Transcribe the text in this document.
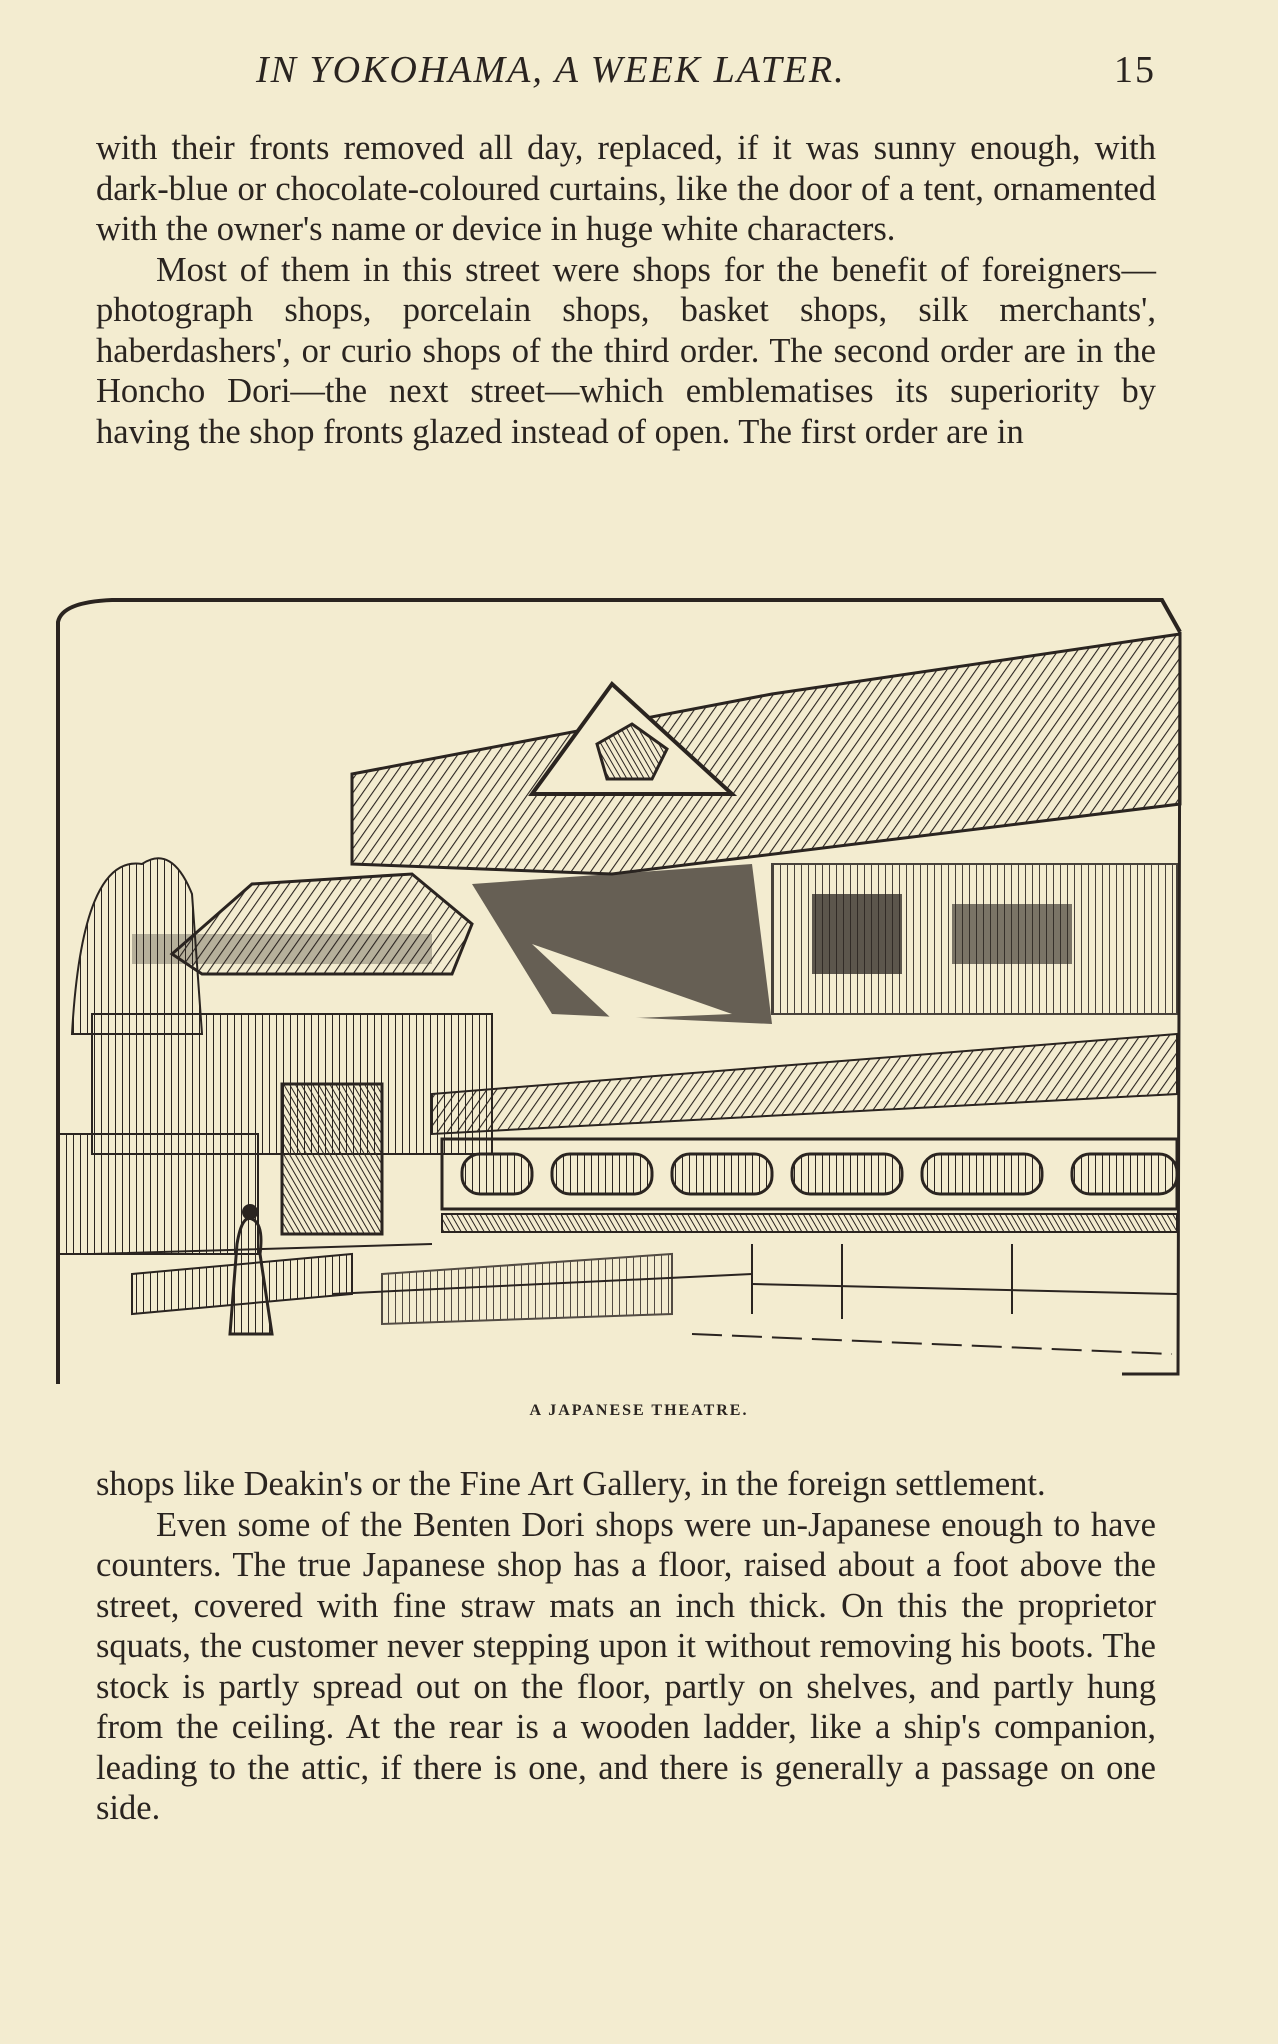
IN YOKOHAMA, A WEEK LATER.	15

with their fronts removed all day, replaced, if it was sunny enough, with dark-blue or chocolate-coloured curtains, like the door of a tent, ornamented with the owner's name or device in huge white characters.

Most of them in this street were shops for the benefit of foreigners—photograph shops, porcelain shops, basket shops, silk merchants', haberdashers', or curio shops of the third order. The second order are in the Honcho Dori—the next street—which emblematises its superiority by having the shop fronts glazed instead of open. The first order are in

A JAPANESE THEATRE.

shops like Deakin's or the Fine Art Gallery, in the foreign settlement.

Even some of the Benten Dori shops were un-Japanese enough to have counters. The true Japanese shop has a floor, raised about a foot above the street, covered with fine straw mats an inch thick. On this the proprietor squats, the customer never stepping upon it without removing his boots. The stock is partly spread out on the floor, partly on shelves, and partly hung from the ceiling. At the rear is a wooden ladder, like a ship's companion, leading to the attic, if there is one, and there is generally a passage on one side.
